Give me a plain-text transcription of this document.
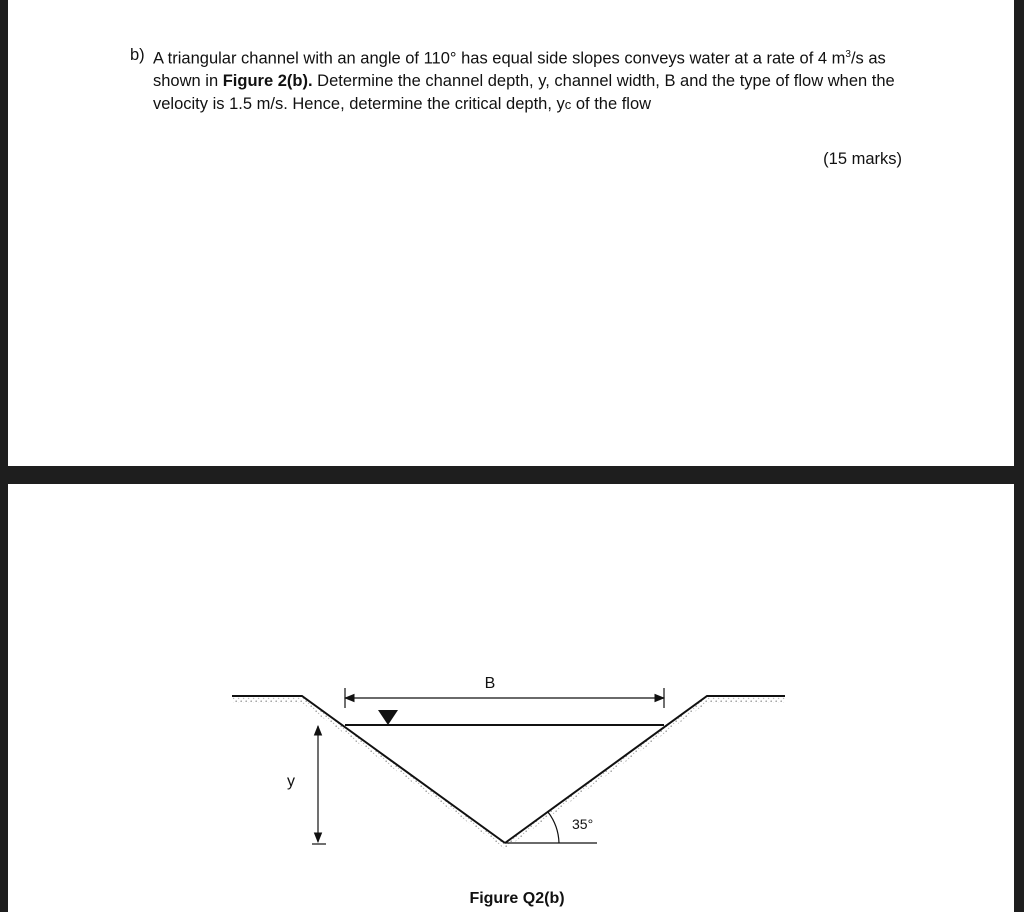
b) A triangular channel with an angle of 110° has equal side slopes conveys water at a rate of 4 $m^3/s$ as shown in Figure 2(b). Determine the channel depth, y, channel width, B and the type of flow when the velocity is 1.5 m/s. Hence, determine the critical depth, yc of the flow
(15 marks)
B
y
35°
Figure Q2(b)
